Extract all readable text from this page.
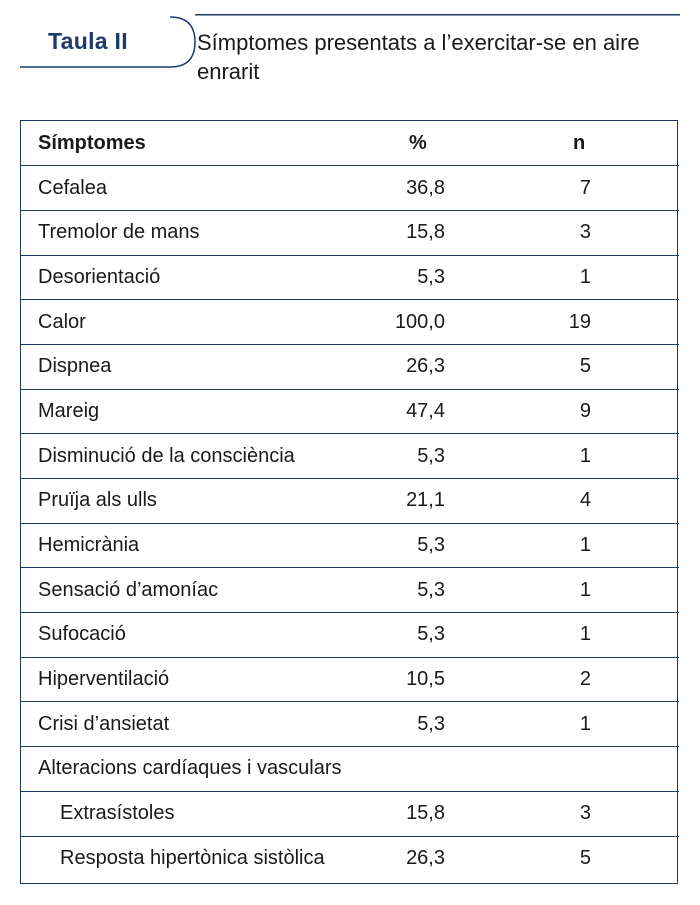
Taula II	Símptomes presentats a l’exercitar-se en aire enrarit
Símptomes	%	n
Cefalea	36,8	7
Tremolor de mans	15,8	3
Desorientació	5,3	1
Calor	100,0	19
Dispnea	26,3	5
Mareig	47,4	9
Disminució de la consciència	5,3	1
Pruïja als ulls	21,1	4
Hemicrània	5,3	1
Sensació d’amoníac	5,3	1
Sufocació	5,3	1
Hiperventilació	10,5	2
Crisi d’ansietat	5,3	1
Alteracions cardíaques i vasculars		
Extrasístoles	15,8	3
Resposta hipertònica sistòlica	26,3	5
